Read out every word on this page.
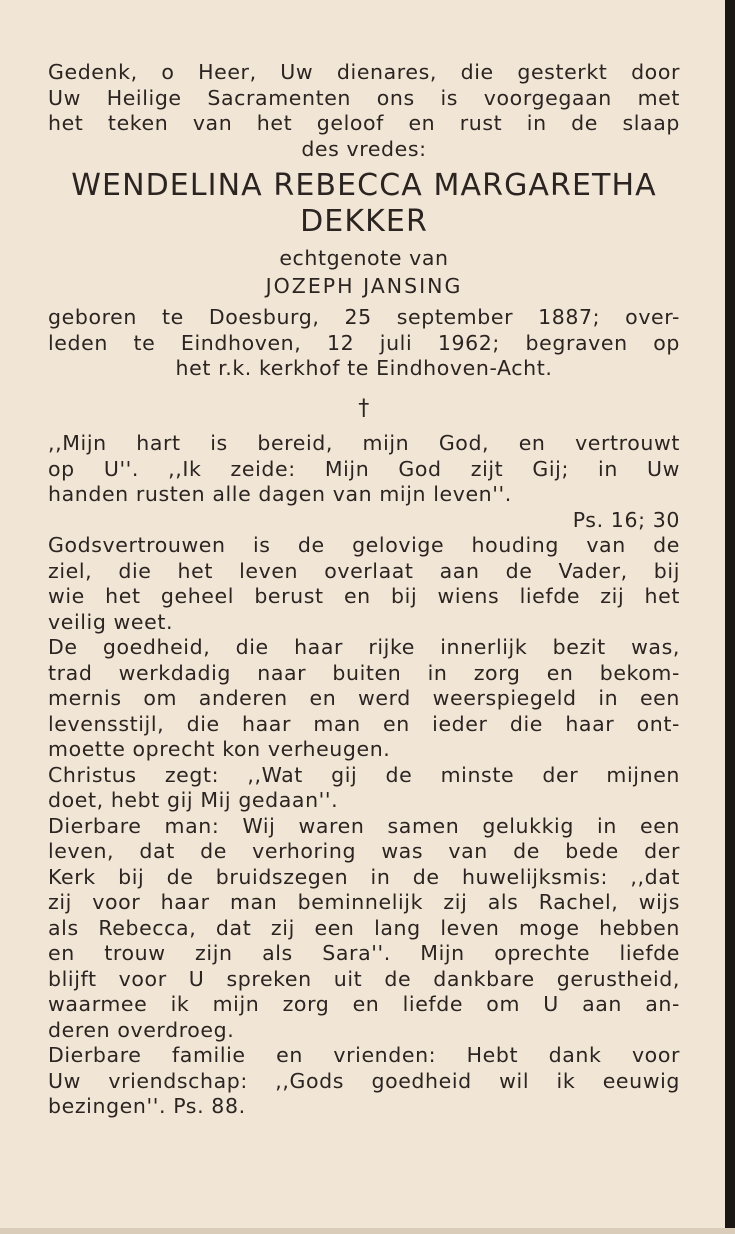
Gedenk, o Heer, Uw dienares, die gesterkt door
Uw Heilige Sacramenten ons is voorgegaan met
het teken van het geloof en rust in de slaap
des vredes:
WENDELINA REBECCA MARGARETHA
DEKKER
echtgenote van
JOZEPH JANSING
geboren te Doesburg, 25 september 1887; over-
leden te Eindhoven, 12 juli 1962; begraven op
het r.k. kerkhof te Eindhoven-Acht.
†
,,Mijn hart is bereid, mijn God, en vertrouwt
op U''. ,,Ik zeide: Mijn God zijt Gij; in Uw
handen rusten alle dagen van mijn leven''.
Ps. 16; 30
Godsvertrouwen is de gelovige houding van de
ziel, die het leven overlaat aan de Vader, bij
wie het geheel berust en bij wiens liefde zij het
veilig weet.
De goedheid, die haar rijke innerlijk bezit was,
trad werkdadig naar buiten in zorg en bekom-
mernis om anderen en werd weerspiegeld in een
levensstijl, die haar man en ieder die haar ont-
moette oprecht kon verheugen.
Christus zegt: ,,Wat gij de minste der mijnen
doet, hebt gij Mij gedaan''.
Dierbare man: Wij waren samen gelukkig in een
leven, dat de verhoring was van de bede der
Kerk bij de bruidszegen in de huwelijksmis: ,,dat
zij voor haar man beminnelijk zij als Rachel, wijs
als Rebecca, dat zij een lang leven moge hebben
en trouw zijn als Sara''. Mijn oprechte liefde
blijft voor U spreken uit de dankbare gerustheid,
waarmee ik mijn zorg en liefde om U aan an-
deren overdroeg.
Dierbare familie en vrienden: Hebt dank voor
Uw vriendschap: ,,Gods goedheid wil ik eeuwig
bezingen''. Ps. 88.
